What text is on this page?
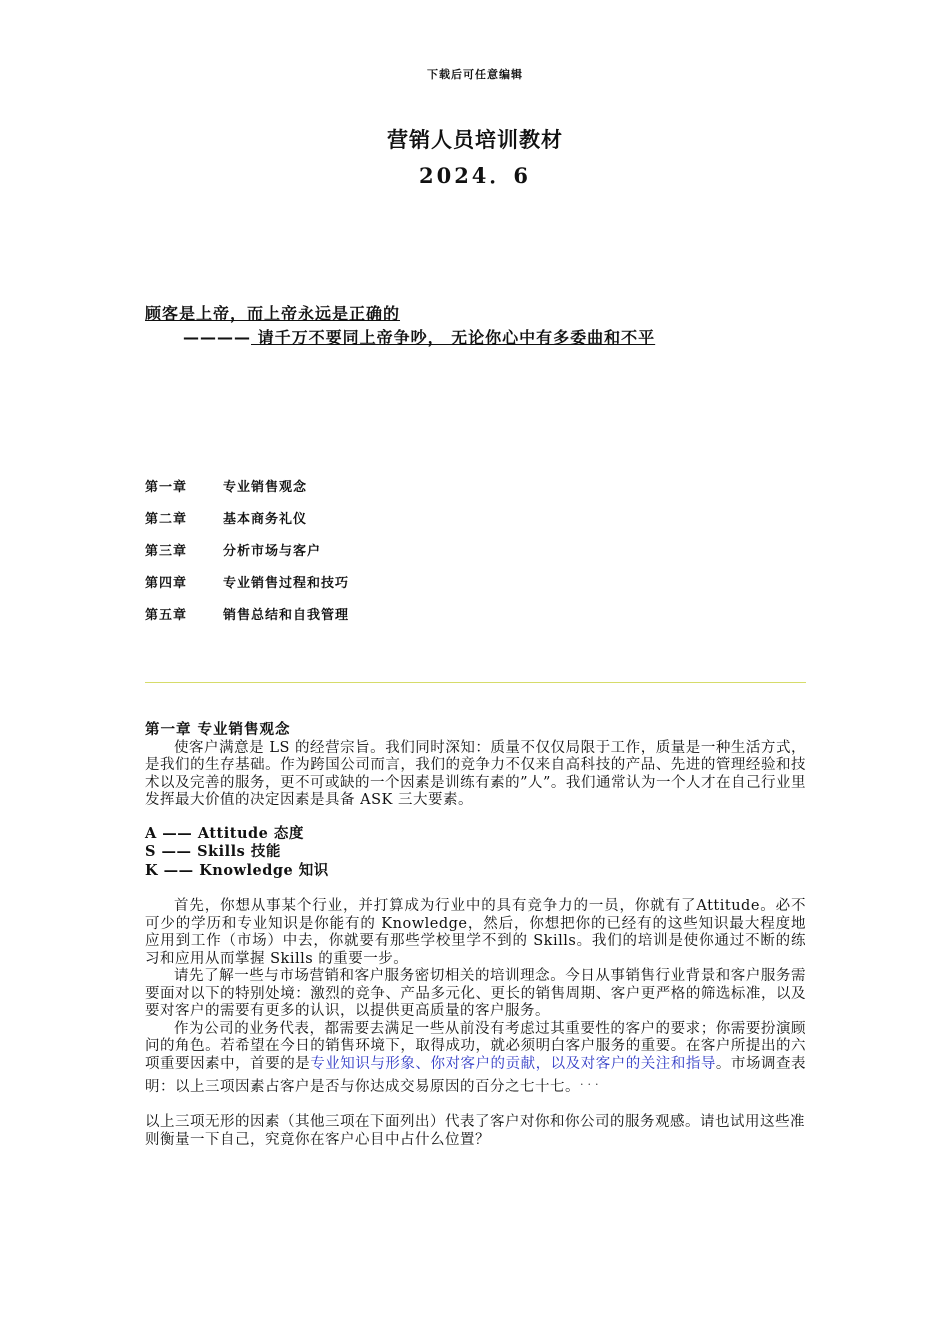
下载后可任意编辑
营销人员培训教材
2024．6
顾客是上帝，而上帝永远是正确的
———— 请千万不要同上帝争吵， 无论你心中有多委曲和不平
第一章	专业销售观念
第二章	基本商务礼仪
第三章	分析市场与客户
第四章	专业销售过程和技巧
第五章	销售总结和自我管理
第一章 专业销售观念

使客户满意是 LS 的经营宗旨。我们同时深知：质量不仅仅局限于工作，质量是一种生活方式，是我们的生存基础。作为跨国公司而言，我们的竞争力不仅来自高科技的产品、先进的管理经验和技术以及完善的服务，更不可或缺的一个因素是训练有素的”人”。我们通常认为一个人才在自己行业里发挥最大价值的决定因素是具备 ASK 三大要素。

A —— Attitude 态度
S —— Skills 技能
K —— Knowledge 知识

首先，你想从事某个行业，并打算成为行业中的具有竞争力的一员，你就有了Attitude。必不可少的学历和专业知识是你能有的 Knowledge，然后，你想把你的已经有的这些知识最大程度地应用到工作（市场）中去，你就要有那些学校里学不到的 Skills。我们的培训是使你通过不断的练习和应用从而掌握 Skills 的重要一步。

请先了解一些与市场营销和客户服务密切相关的培训理念。今日从事销售行业背景和客户服务需要面对以下的特别处境：激烈的竞争、产品多元化、更长的销售周期、客户更严格的筛选标准，以及要对客户的需要有更多的认识，以提供更高质量的客户服务。

作为公司的业务代表，都需要去满足一些从前没有考虑过其重要性的客户的要求；你需要扮演顾问的角色。若希望在今日的销售环境下，取得成功，就必须明白客户服务的重要。在客户所提出的六项重要因素中，首要的是专业知识与形象、你对客户的贡献，以及对客户的关注和指导。市场调查表明：以上三项因素占客户是否与你达成交易原因的百分之七十七。...

以上三项无形的因素（其他三项在下面列出）代表了客户对你和你公司的服务观感。请也试用这些准则衡量一下自己，究竟你在客户心目中占什么位置？
